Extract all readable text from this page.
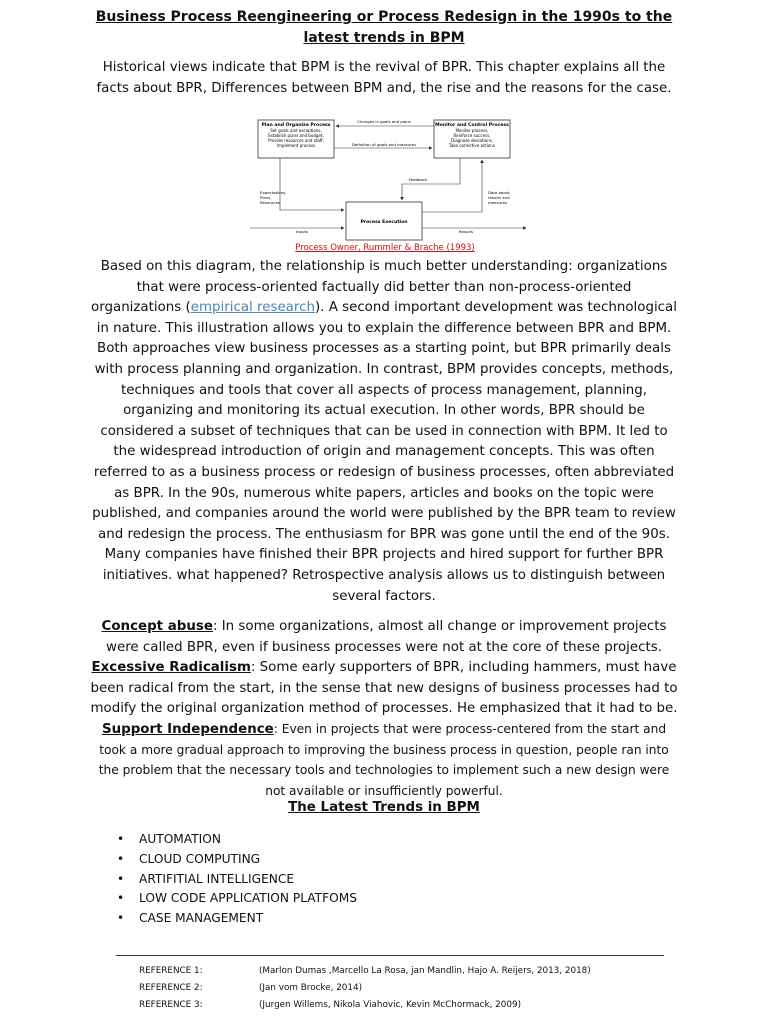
Business Process Reengineering or Process Redesign in the 1990s to the latest trends in BPM
Historical views indicate that BPM is the revival of BPR. This chapter explains all the facts about BPR, Differences between BPM and, the rise and the reasons for the case.
Plan and Organize Process
Set goals and exceptions,
Establish plans and budget,
Provide resources and staff,
Implement process
Monitor and Control Process
Monitor process,
Reinforce success,
Diagnose deviations,
Take corrective actions
Process Execution
Changes in goals and plans
Definition of goals and measures
Feedback
Expectations,
Plans,
Resources
Data about
results and
measures
Inputs	Results
Process Owner, Rummler & Brache (1993)
Based on this diagram, the relationship is much better understanding: organizations that were process-oriented factually did better than non-process-oriented organizations (empirical research). A second important development was technological in nature. This illustration allows you to explain the difference between BPR and BPM. Both approaches view business processes as a starting point, but BPR primarily deals with process planning and organization. In contrast, BPM provides concepts, methods, techniques and tools that cover all aspects of process management, planning, organizing and monitoring its actual execution. In other words, BPR should be considered a subset of techniques that can be used in connection with BPM. It led to the widespread introduction of origin and management concepts. This was often referred to as a business process or redesign of business processes, often abbreviated as BPR. In the 90s, numerous white papers, articles and books on the topic were published, and companies around the world were published by the BPR team to review and redesign the process. The enthusiasm for BPR was gone until the end of the 90s. Many companies have finished their BPR projects and hired support for further BPR initiatives. what happened? Retrospective analysis allows us to distinguish between several factors.

Concept abuse: In some organizations, almost all change or improvement projects were called BPR, even if business processes were not at the core of these projects.

Excessive Radicalism: Some early supporters of BPR, including hammers, must have been radical from the start, in the sense that new designs of business processes had to modify the original organization method of processes. He emphasized that it had to be.

Support Independence: Even in projects that were process-centered from the start and took a more gradual approach to improving the business process in question, people ran into the problem that the necessary tools and technologies to implement such a new design were not available or insufficiently powerful.

The Latest Trends in BPM
• AUTOMATION
• CLOUD COMPUTING
• ARTIFITIAL INTELLIGENCE
• LOW CODE APPLICATION PLATFOMS
• CASE MANAGEMENT
REFERENCE 1:	(Marlon Dumas ,Marcello La Rosa, jan Mandlin, Hajo A. Reijers, 2013, 2018)
REFERENCE 2:	(Jan vom Brocke, 2014)
REFERENCE 3:	(Jurgen Willems, Nikola Viahovic, Kevin McChormack, 2009)
